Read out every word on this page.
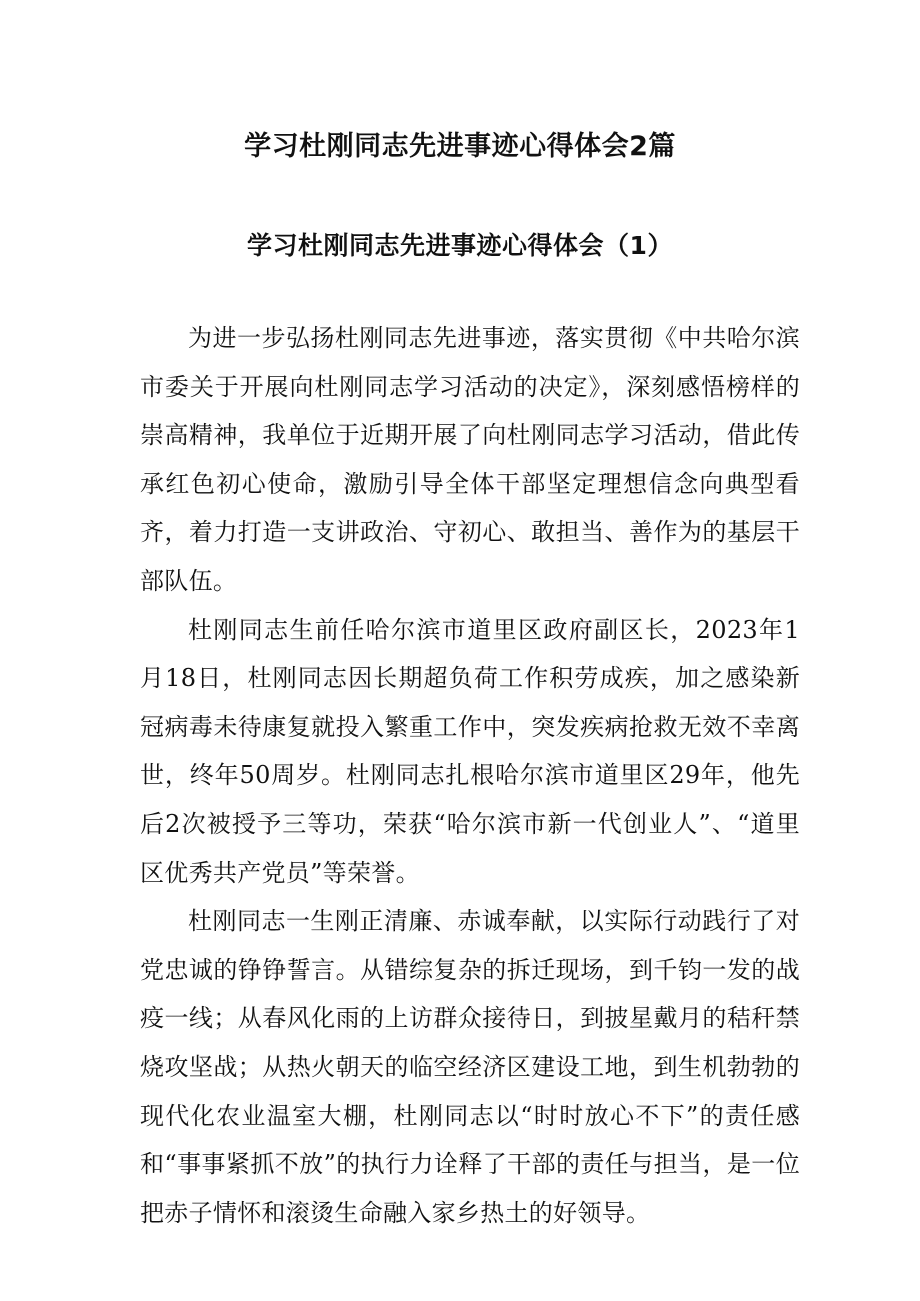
学习杜刚同志先进事迹心得体会2篇
学习杜刚同志先进事迹心得体会（1）

为进一步弘扬杜刚同志先进事迹，落实贯彻《中共哈尔滨市委关于开展向杜刚同志学习活动的决定》，深刻感悟榜样的崇高精神，我单位于近期开展了向杜刚同志学习活动，借此传承红色初心使命，激励引导全体干部坚定理想信念向典型看齐，着力打造一支讲政治、守初心、敢担当、善作为的基层干部队伍。

杜刚同志生前任哈尔滨市道里区政府副区长，2023年1月18日，杜刚同志因长期超负荷工作积劳成疾，加之感染新冠病毒未待康复就投入繁重工作中，突发疾病抢救无效不幸离世，终年50周岁。杜刚同志扎根哈尔滨市道里区29年，他先后2次被授予三等功，荣获“哈尔滨市新一代创业人”、“道里区优秀共产党员”等荣誉。

杜刚同志一生刚正清廉、赤诚奉献，以实际行动践行了对党忠诚的铮铮誓言。从错综复杂的拆迁现场，到千钧一发的战疫一线；从春风化雨的上访群众接待日，到披星戴月的秸秆禁烧攻坚战；从热火朝天的临空经济区建设工地，到生机勃勃的现代化农业温室大棚，杜刚同志以“时时放心不下”的责任感和“事事紧抓不放”的执行力诠释了干部的责任与担当，是一位把赤子情怀和滚烫生命融入家乡热土的好领导。
